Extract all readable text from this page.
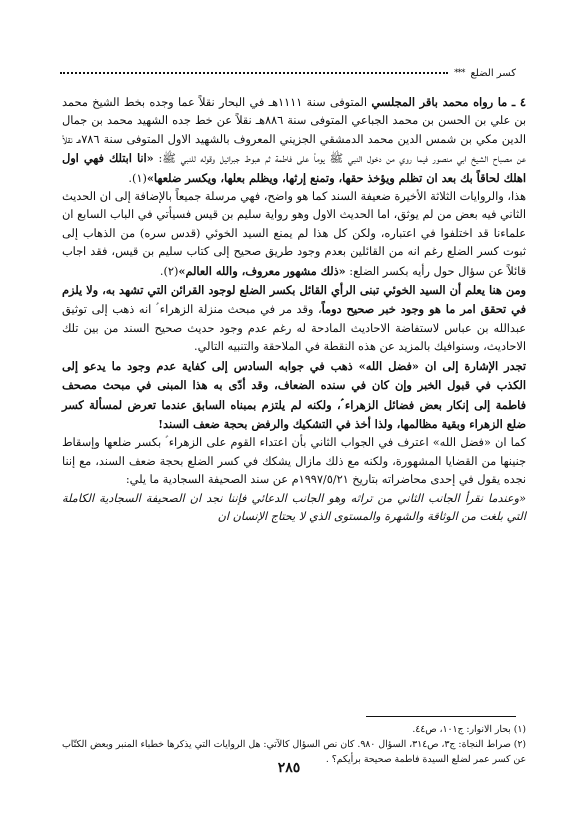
كسر الضلع
***

٤ ـ ما رواه محمد باقر المجلسي المتوفى سنة ١١١١هـ في البحار نقلاً عما وجده بخط الشيخ محمد بن علي بن الحسن بن محمد الجباعي المتوفى سنة ٨٨٦هـ نقلاً عن خط جده الشهيد محمد بن جمال الدين مكي بن شمس الدين محمد الدمشقي الجزيني المعروف بالشهيد الاول المتوفى سنة ٧٨٦هـ نقلاً عن مصباح الشيخ ابي منصور فيما روي من دخول النبي ﷺ يوماً على فاطمة ثم هبوط جبرائيل وقوله للنبي ﷺ: «انا ابتلك فهي اول اهلك لحاقاً بك بعد ان تظلم ويؤخذ حقها، وتمنع إرثها، ويظلم بعلها، ويكسر ضلعها»(١).

هذا، والروايات الثلاثة الأخيرة ضعيفة السند كما هو واضح، فهي مرسلة جميعاً بالإضافة إلى ان الحديث الثاني فيه بعض من لم يوثق، اما الحديث الاول وهو رواية سليم بن قيس فسيأتي في الباب السابع ان علماءنا قد اختلفوا في اعتباره، ولكن كل هذا لم يمنع السيد الخوئي (قدس سره) من الذهاب إلى ثبوت كسر الضلع رغم انه من القائلين بعدم وجود طريق صحيح إلى كتاب سليم بن قيس، فقد اجاب قائلاً عن سؤال حول رأيه بكسر الضلع: «ذلك مشهور معروف، والله العالم»(٢).

ومن هنا يعلم أن السيد الخوئي تبنى الرأي القائل بكسر الضلع لوجود القرائن التي تشهد به، ولا يلزم في تحقق امر ما هو وجود خبر صحيح دوماً، وقد مر في مبحث منزلة الزهراء ؑ انه ذهب إلى توثيق عبدالله بن عباس لاستفاضة الاحاديث المادحة له رغم عدم وجود حديث صحيح السند من بين تلك الاحاديث، وسنوافيك بالمزيد عن هذه النقطة في الملاحقة والتنبيه التالي.

تجدر الإشارة إلى ان «فضل الله» ذهب في جوابه السادس إلى كفاية عدم وجود ما يدعو إلى الكذب في قبول الخبر وإن كان في سنده الضعاف، وقد أدّى به هذا المبنى في مبحث مصحف فاطمة إلى إنكار بعض فضائل الزهراء ؑ، ولكنه لم يلتزم بمبناه السابق عندما تعرض لمسألة كسر ضلع الزهراء وبقية مظالمها، ولذا أخذ في التشكيك والرفض بحجة ضعف السند!

كما ان «فضل الله» اعترف في الجواب الثاني بأن اعتداء القوم على الزهراء ؑ بكسر ضلعها وإسقاط جنينها من القضايا المشهورة، ولكنه مع ذلك مازال يشكك في كسر الضلع بحجة ضعف السند، مع إننا نجده يقول في إحدى محاضراته بتاريخ ١٩٩٧/٥/٢١م عن سند الصحيفة السجادية ما يلي:

«وعندما نقرأ الجانب الثاني من تراثه وهو الجانب الدعائي فإننا نجد ان الصحيفة السجادية الكاملة التي بلغت من الوثاقة والشهرة والمستوى الذي لا يحتاج الإنسان ان

(١) بحار الانوار: ج١٠١، ص٤٤.

(٢) صراط النجاة: ج٣، ص٣١٤، السؤال ٩٨٠. كان نص السؤال كالآتي: هل الروايات التي يذكرها خطباء المنبر وبعض الكتّاب عن كسر عمر لضلع السيدة فاطمة صحيحة برأيكم؟ .

٢٨٥
